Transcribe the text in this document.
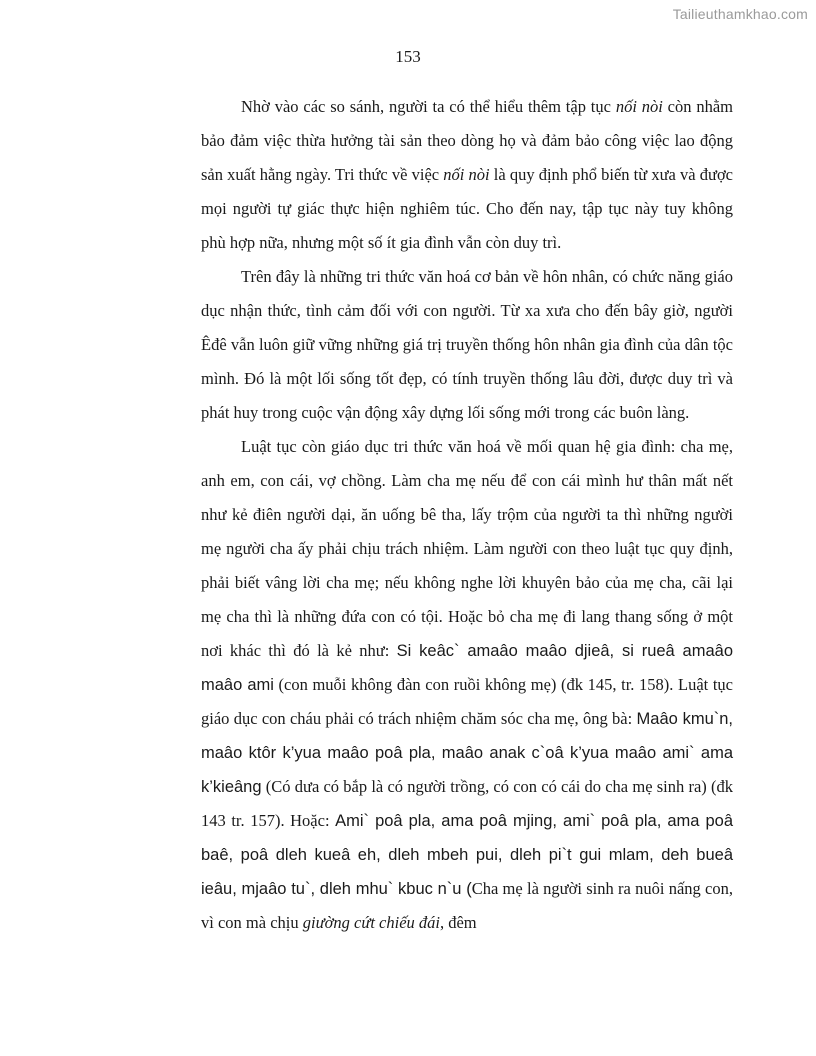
Tailieuthamkhao.com
153

Nhờ vào các so sánh, người ta có thể hiểu thêm tập tục nối nòi còn nhằm bảo đảm việc thừa hưởng tài sản theo dòng họ và đảm bảo công việc lao động sản xuất hằng ngày. Tri thức về việc nối nòi là quy định phổ biến từ xưa và được mọi người tự giác thực hiện nghiêm túc. Cho đến nay, tập tục này tuy không phù hợp nữa, nhưng một số ít gia đình vẫn còn duy trì.

Trên đây là những tri thức văn hoá cơ bản về hôn nhân, có chức năng giáo dục nhận thức, tình cảm đối với con người. Từ xa xưa cho đến bây giờ, người Êđê vẫn luôn giữ vững những giá trị truyền thống hôn nhân gia đình của dân tộc mình. Đó là một lối sống tốt đẹp, có tính truyền thống lâu đời, được duy trì và phát huy trong cuộc vận động xây dựng lối sống mới trong các buôn làng.

Luật tục còn giáo dục tri thức văn hoá về mối quan hệ gia đình: cha mẹ, anh em, con cái, vợ chồng. Làm cha mẹ nếu để con cái mình hư thân mất nết như kẻ điên người dại, ăn uống bê tha, lấy trộm của người ta thì những người mẹ người cha ấy phải chịu trách nhiệm. Làm người con theo luật tục quy định, phải biết vâng lời cha mẹ; nếu không nghe lời khuyên bảo của mẹ cha, cãi lại mẹ cha thì là những đứa con có tội. Hoặc bỏ cha mẹ đi lang thang sống ở một nơi khác thì đó là kẻ như: Si keâc` amaâo maâo djieâ, si rueâ amaâo maâo ami (con muỗi không đàn con ruồi không mẹ) (đk 145, tr. 158). Luật tục giáo dục con cháu phải có trách nhiệm chăm sóc cha mẹ, ông bà: Maâo kmu`n, maâo ktôr k’yua maâo poâ pla, maâo anak c`oâ k’yua maâo ami` ama k’kieâng (Có dưa có bắp là có người trồng, có con có cái do cha mẹ sinh ra) (đk 143 tr. 157). Hoặc: Ami` poâ pla, ama poâ mjing, ami` poâ pla, ama poâ baê, poâ dleh kueâ eh, dleh mbeh pui, dleh pi`t gui mlam, deh bueâ ieâu, mjaâo tu`, dleh mhu` kbuc n`u (Cha mẹ là người sinh ra nuôi nấng con, vì con mà chịu giường cứt chiếu đái, đêm
